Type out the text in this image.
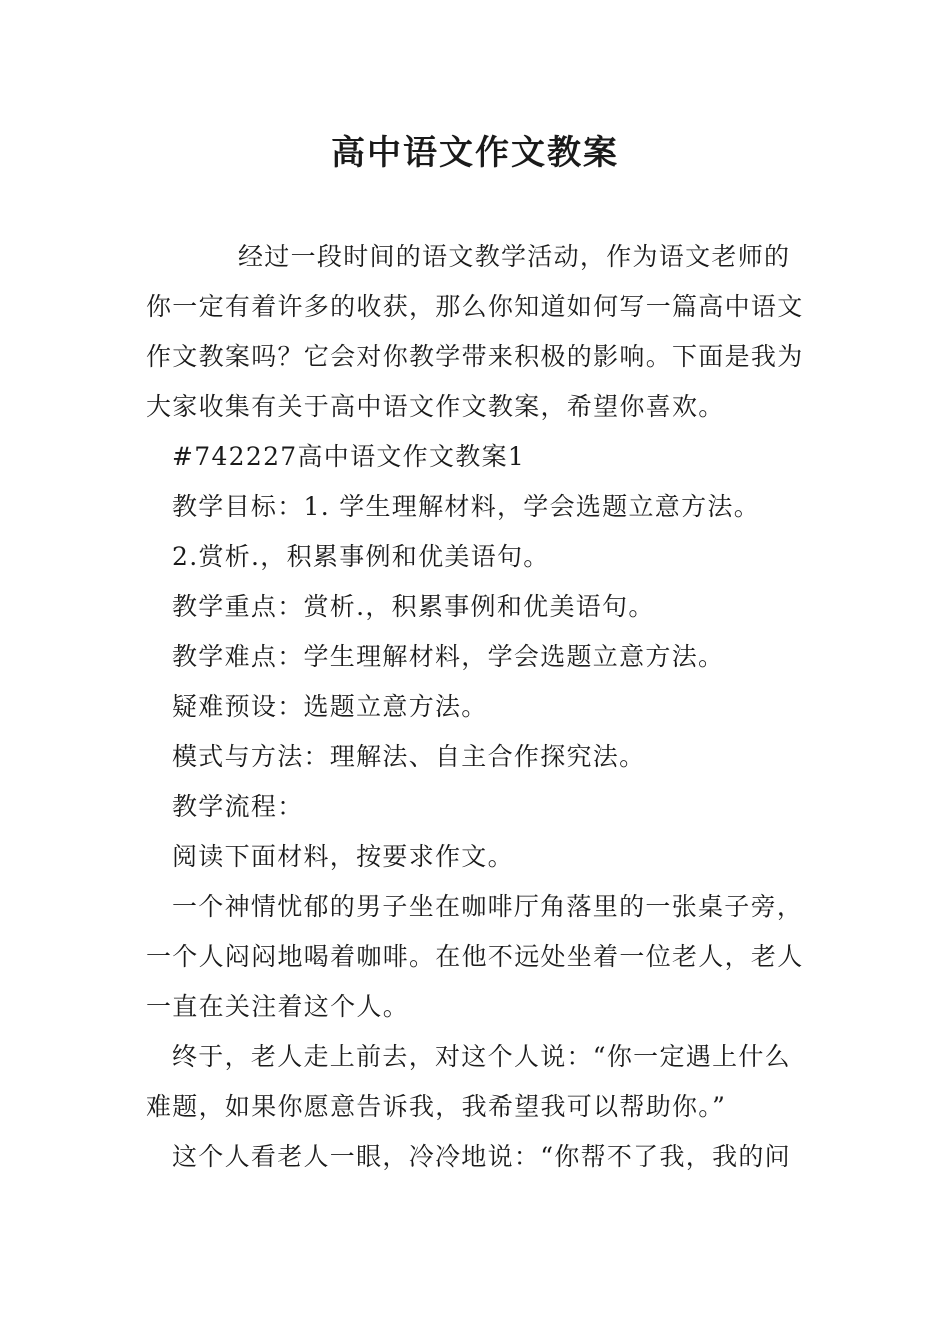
高中语文作文教案

经过一段时间的语文教学活动，作为语文老师的你一定有着许多的收获，那么你知道如何写一篇高中语文作文教案吗？它会对你教学带来积极的影响。下面是我为大家收集有关于高中语文作文教案，希望你喜欢。

#742227高中语文作文教案1

教学目标：1. 学生理解材料，学会选题立意方法。

2.赏析.，积累事例和优美语句。

教学重点：赏析.，积累事例和优美语句。

教学难点：学生理解材料，学会选题立意方法。

疑难预设：选题立意方法。

模式与方法：理解法、自主合作探究法。

教学流程：

阅读下面材料，按要求作文。

一个神情忧郁的男子坐在咖啡厅角落里的一张桌子旁，一个人闷闷地喝着咖啡。在他不远处坐着一位老人，老人一直在关注着这个人。

终于，老人走上前去，对这个人说：“你一定遇上什么难题，如果你愿意告诉我，我希望我可以帮助你。”

这个人看老人一眼，冷冷地说：“你帮不了我，我的问
